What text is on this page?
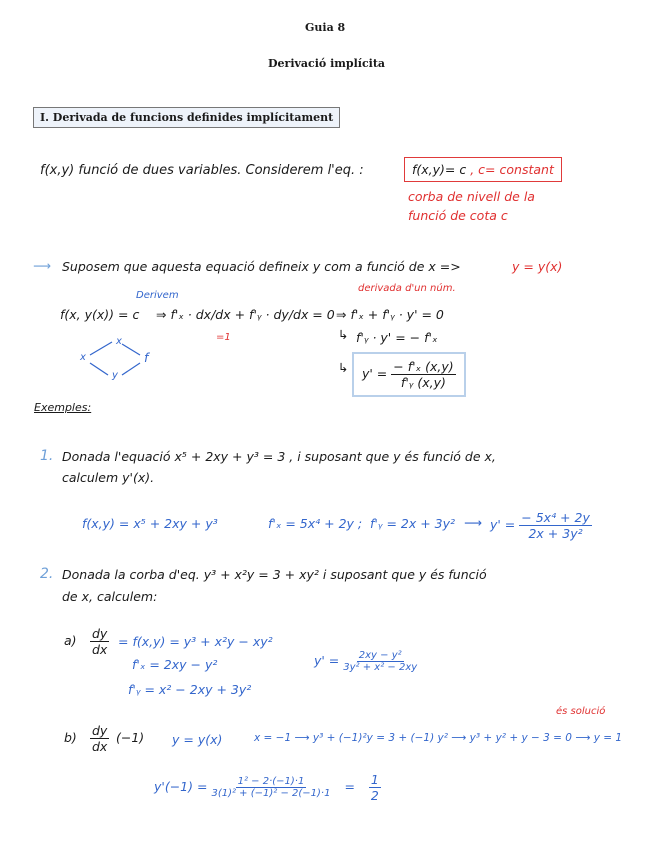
Guia 8
Derivació implícita
I. Derivada de funcions definides implícitament
f(x,y) funció de dues variables. Considerem l'eq. :	f(x,y)= c , c= constant
corba de nivell de la
funció de cota c
⟶ Suposem que aquesta equació defineix y com a funció de x =>	y = y(x)
Derivem
f(x, y(x)) = c ⇒ f'ₓ · dx/dx + f'ᵧ · dy/dx = 0
=1
derivada d'un núm.
⇒ f'ₓ + f'ᵧ · y' = 0
↳ f'ᵧ · y' = − f'ₓ
↳	$y' = \frac{\text{− f'ₓ (x,y)}}{\text{f'ᵧ (x,y)}}$
x
x
y
f
Exemples:
1. Donada l'equació x⁵ + 2xy + y³ = 3 , i suposant que y és funció de x,
calculem y'(x).
f(x,y) = x⁵ + 2xy + y³	f'ₓ = 5x⁴ + 2y ; f'ᵧ = 2x + 3y² ⟶ $y' = \frac{\text{− 5x⁴ + 2y}}{\text{2x + 3y²}}$
2. Donada la corba d'eq. y³ + x²y = 3 + xy² i suposant que y és funció
de x, calculem:
$a) \frac{dy}{dx} = f(x,y) = y^3 + x^2y - xy^2$
f'ₓ = 2xy − y²
f'ᵧ = x² − 2xy + 3y²
$y' = \frac{\text{2xy − y²}}{\text{3y² + x² − 2xy}}$
$b) \frac{dy}{dx} (-1) y = y(x)$	x = −1 ⟶ y³ + (−1)²y = 3 + (−1) y² ⟶ y³ + y² + y − 3 = 0 ⟶ y = 1
és solució
$y'(-1) = \frac{\text{1² − 2·(−1)·1}}{\text{3(1)² + (−1)² − 2(−1)·1}} = \frac{1}{2}$
